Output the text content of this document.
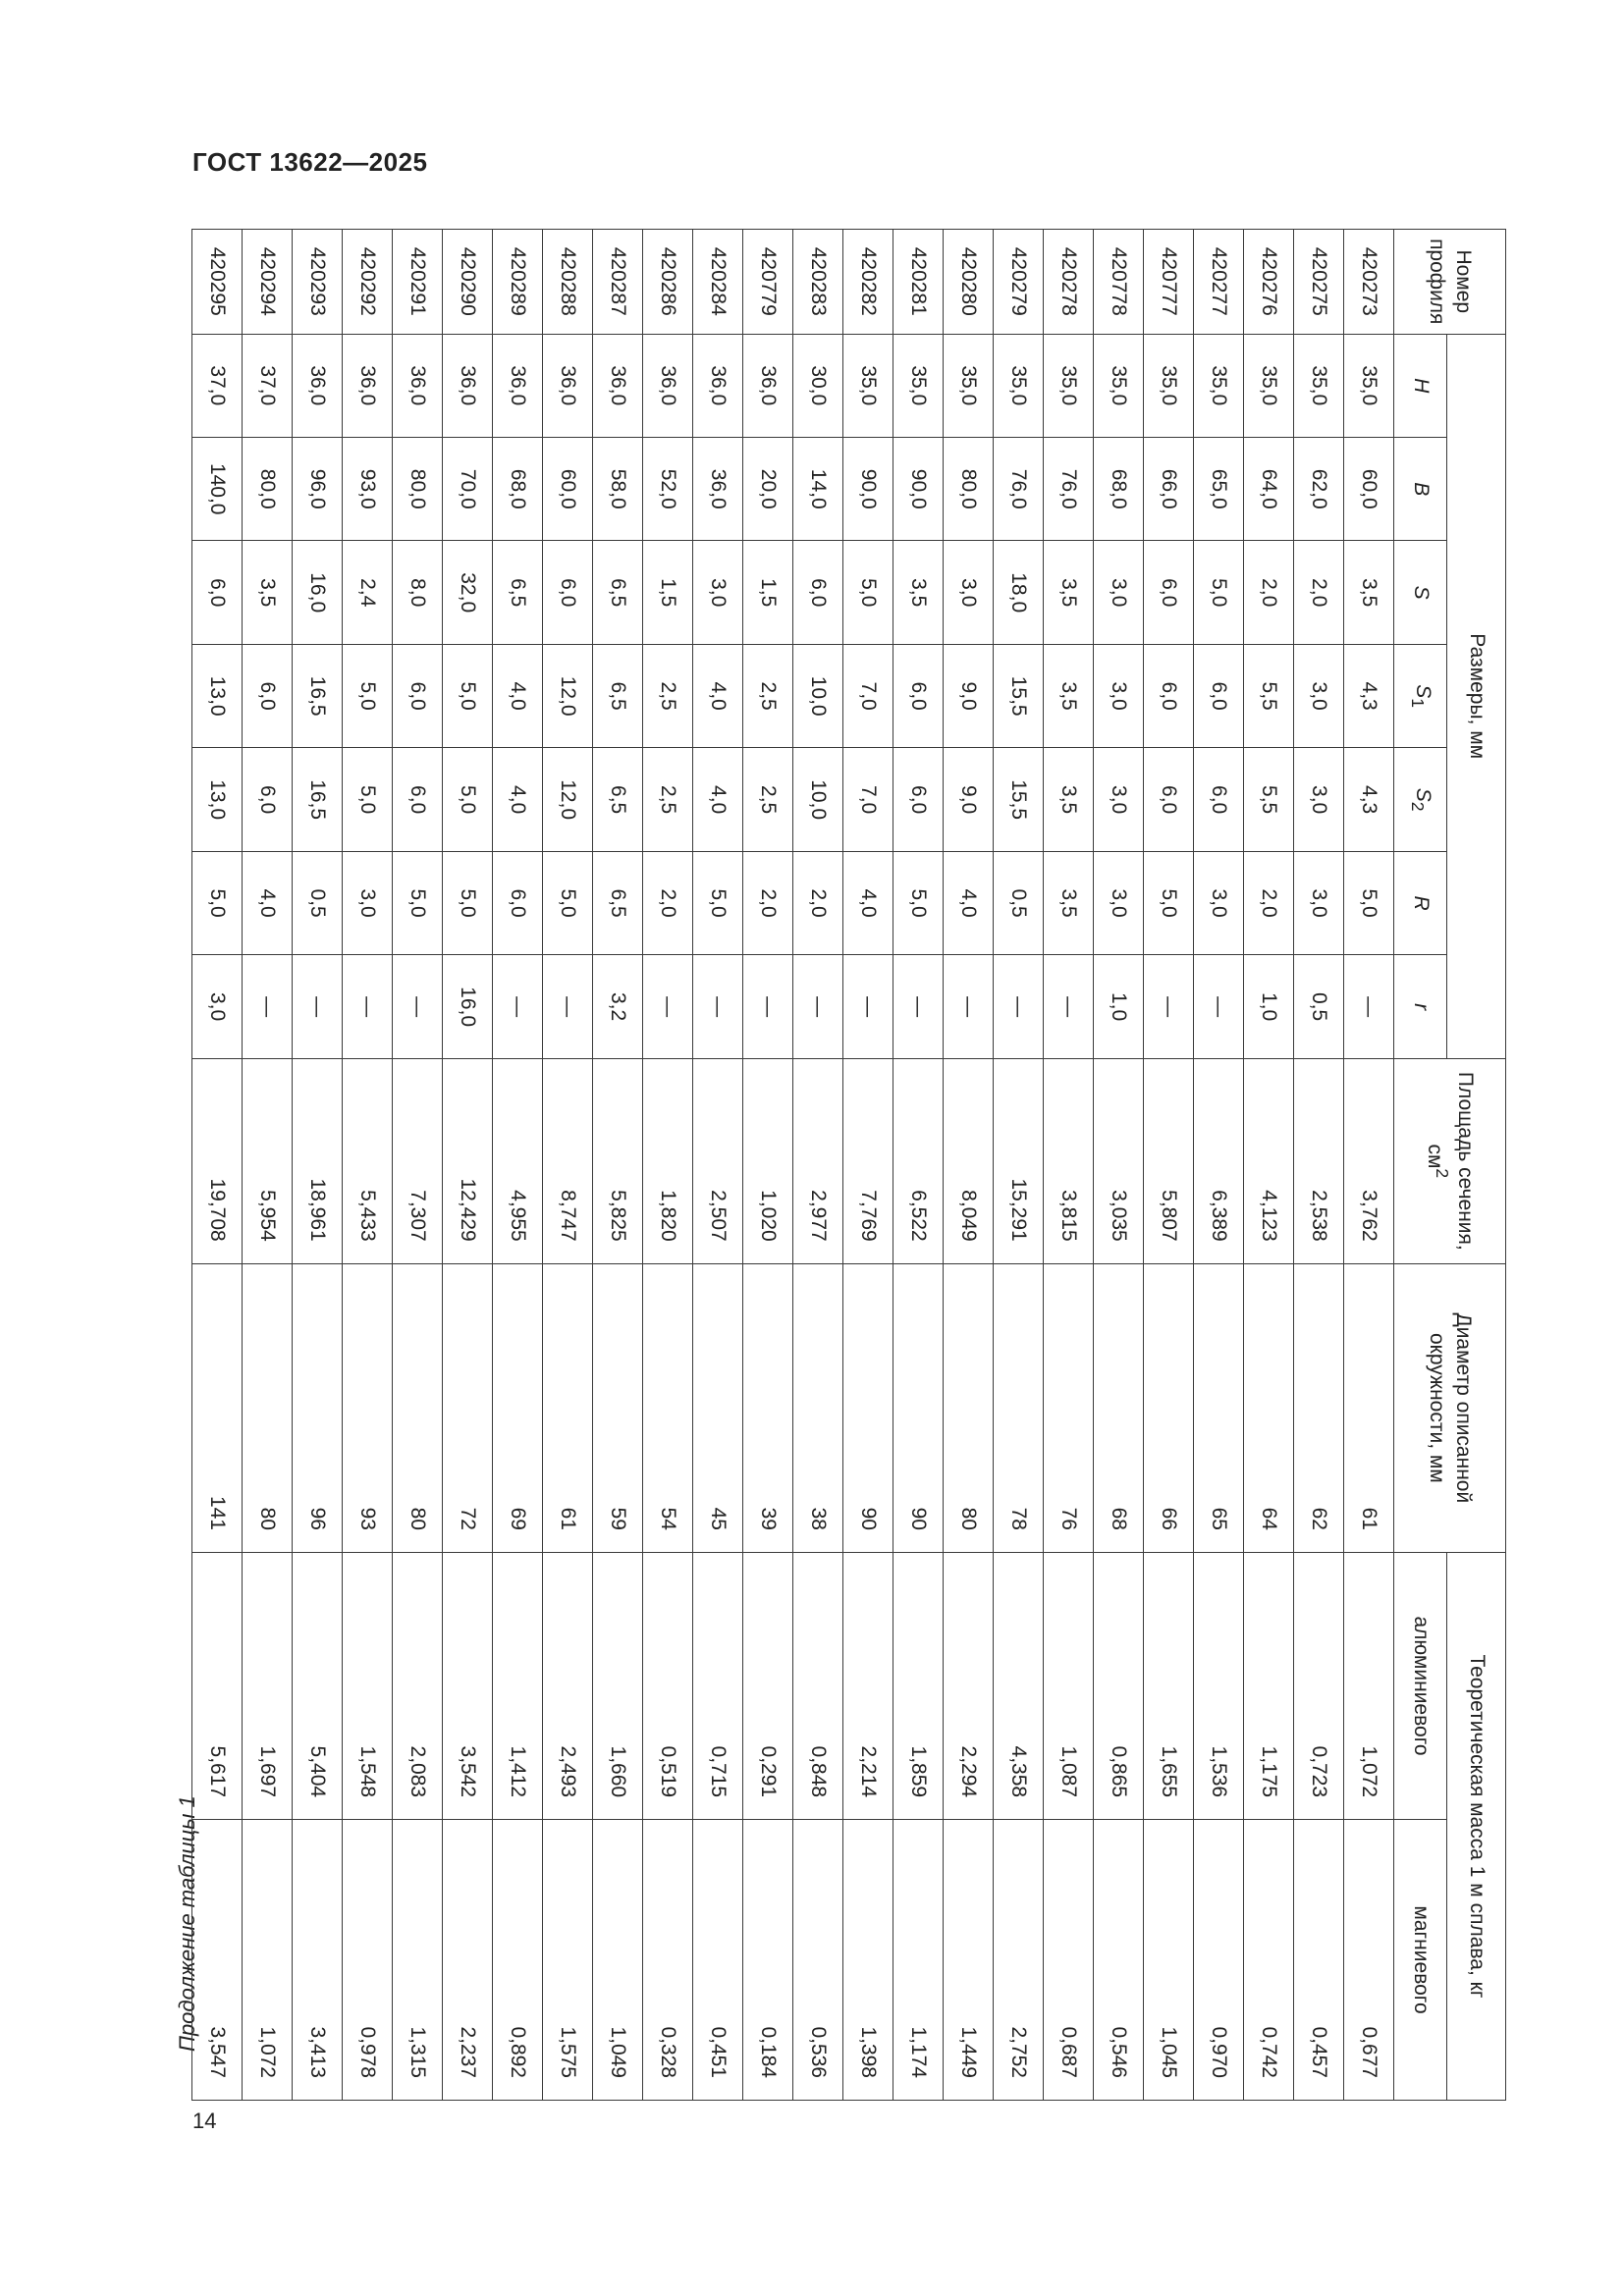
ГОСТ 13622—2025
Продолжение таблицы 1
14
Номер профиля	Размеры, мм							Площадь сечения, $см^2$	Диаметр описанной окружности, мм	Теоретическая масса 1 м сплава, кг	
	H	B	S	$S_1$	$S_2$	R	r			алюминиевого	магниевого
420273	35,0	60,0	3,5	4,3	4,3	5,0	—	3,762	61	1,072	0,677
420275	35,0	62,0	2,0	3,0	3,0	3,0	0,5	2,538	62	0,723	0,457
420276	35,0	64,0	2,0	5,5	5,5	2,0	1,0	4,123	64	1,175	0,742
420277	35,0	65,0	5,0	6,0	6,0	3,0	—	6,389	65	1,536	0,970
420777	35,0	66,0	6,0	6,0	6,0	5,0	—	5,807	66	1,655	1,045
420778	35,0	68,0	3,0	3,0	3,0	3,0	1,0	3,035	68	0,865	0,546
420278	35,0	76,0	3,5	3,5	3,5	3,5	—	3,815	76	1,087	0,687
420279	35,0	76,0	18,0	15,5	15,5	0,5	—	15,291	78	4,358	2,752
420280	35,0	80,0	3,0	9,0	9,0	4,0	—	8,049	80	2,294	1,449
420281	35,0	90,0	3,5	6,0	6,0	5,0	—	6,522	90	1,859	1,174
420282	35,0	90,0	5,0	7,0	7,0	4,0	—	7,769	90	2,214	1,398
420283	30,0	14,0	6,0	10,0	10,0	2,0	—	2,977	38	0,848	0,536
420779	36,0	20,0	1,5	2,5	2,5	2,0	—	1,020	39	0,291	0,184
420284	36,0	36,0	3,0	4,0	4,0	5,0	—	2,507	45	0,715	0,451
420286	36,0	52,0	1,5	2,5	2,5	2,0	—	1,820	54	0,519	0,328
420287	36,0	58,0	6,5	6,5	6,5	6,5	3,2	5,825	59	1,660	1,049
420288	36,0	60,0	6,0	12,0	12,0	5,0	—	8,747	61	2,493	1,575
420289	36,0	68,0	6,5	4,0	4,0	6,0	—	4,955	69	1,412	0,892
420290	36,0	70,0	32,0	5,0	5,0	5,0	16,0	12,429	72	3,542	2,237
420291	36,0	80,0	8,0	6,0	6,0	5,0	—	7,307	80	2,083	1,315
420292	36,0	93,0	2,4	5,0	5,0	3,0	—	5,433	93	1,548	0,978
420293	36,0	96,0	16,0	16,5	16,5	0,5	—	18,961	96	5,404	3,413
420294	37,0	80,0	3,5	6,0	6,0	4,0	—	5,954	80	1,697	1,072
420295	37,0	140,0	6,0	13,0	13,0	5,0	3,0	19,708	141	5,617	3,547
